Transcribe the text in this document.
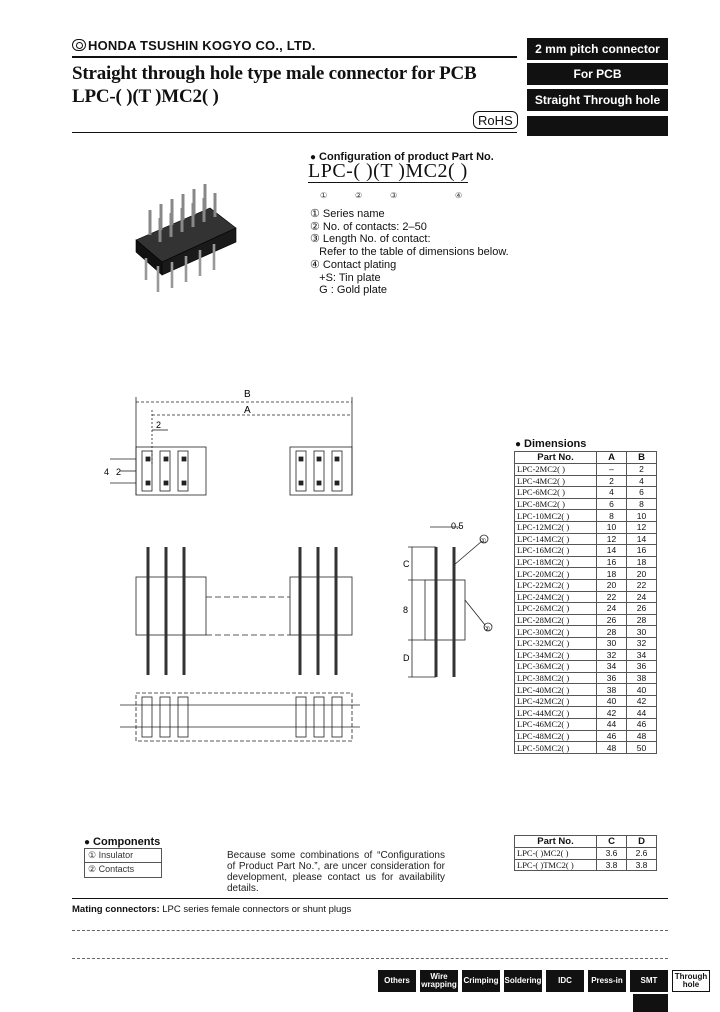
HONDA TSUSHIN KOGYO CO., LTD.
Straight through hole type male connector for PCB
LPC-( )(T )MC2( )
RoHS
2 mm pitch connector
For PCB
Straight Through hole
● Configuration of product Part No.
LPC-( )(T )MC2( )
①	②	③	④
① Series name
② No. of contacts: 2–50
③ Length No. of contact:
Refer to the table of dimensions below.
④ Contact plating
+S: Tin plate
G : Gold plate
B
A
2
4 2
0.5
C
8
D
①
②
● Dimensions
Part No.	A	B
LPC-2MC2( )	–	2
LPC-4MC2( )	2	4
LPC-6MC2( )	4	6
LPC-8MC2( )	6	8
LPC-10MC2( )	8	10
LPC-12MC2( )	10	12
LPC-14MC2( )	12	14
LPC-16MC2( )	14	16
LPC-18MC2( )	16	18
LPC-20MC2( )	18	20
LPC-22MC2( )	20	22
LPC-24MC2( )	22	24
LPC-26MC2( )	24	26
LPC-28MC2( )	26	28
LPC-30MC2( )	28	30
LPC-32MC2( )	30	32
LPC-34MC2( )	32	34
LPC-36MC2( )	34	36
LPC-38MC2( )	36	38
LPC-40MC2( )	38	40
LPC-42MC2( )	40	42
LPC-44MC2( )	42	44
LPC-46MC2( )	44	46
LPC-48MC2( )	46	48
LPC-50MC2( )	48	50
Part No.	C	D
LPC-( )MC2( )	3.6	2.6
LPC-( )TMC2( )	3.8	3.8
● Components
① Insulator
② Contacts
Because some combinations of “Configurations of Product Part No.”, are uncer consideration for development, please contact us for availability details.
Mating connectors: LPC series female connectors or shunt plugs
Others	Wire wrapping Crimping Soldering	IDC	Press-in	SMT	Through hole
